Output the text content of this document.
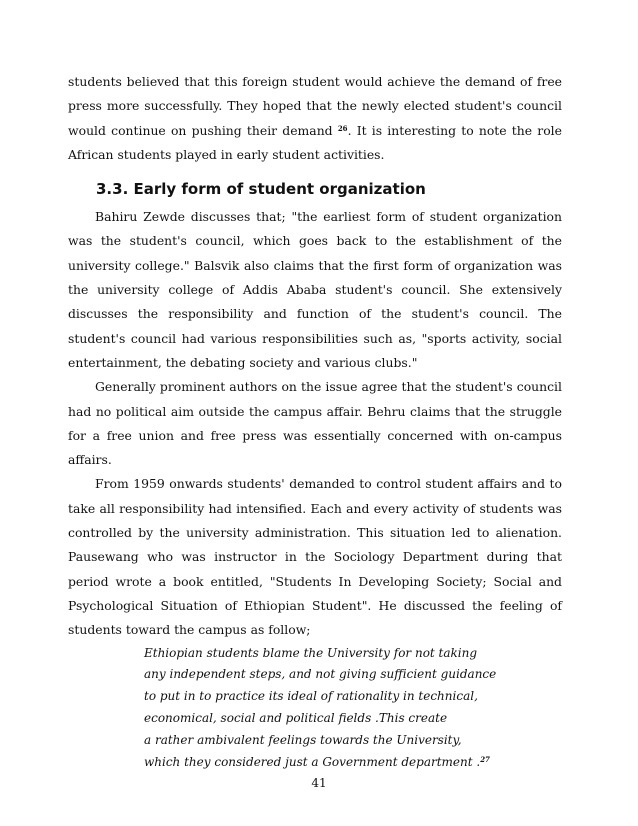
students believed that this foreign student would achieve the demand of free press more successfully. They hoped that the newly elected student's council would continue on pushing their demand $^{26}$. It is interesting to note the role African students played in early student activities.

3.3. Early form of student organization

Bahiru Zewde discusses that; "the earliest form of student organization was the student's council, which goes back to the establishment of the university college." Balsvik also claims that the first form of organization was the university college of Addis Ababa student's council. She extensively discusses the responsibility and function of the student's council. The student's council had various responsibilities such as, "sports activity, social entertainment, the debating society and various clubs."

Generally prominent authors on the issue agree that the student's council had no political aim outside the campus affair. Behru claims that the struggle for a free union and free press was essentially concerned with on-campus affairs.

From 1959 onwards students' demanded to control student affairs and to take all responsibility had intensified. Each and every activity of students was controlled by the university administration. This situation led to alienation. Pausewang who was instructor in the Sociology Department during that period wrote a book entitled, "Students In Developing Society; Social and Psychological Situation of Ethiopian Student". He discussed the feeling of students toward the campus as follow;

Ethiopian students blame the University for not taking
any independent steps, and not giving sufficient guidance
to put in to practice its ideal of rationality in technical,
economical, social and political fields .This create
a rather ambivalent feelings towards the University,
which they considered just a Government department .$^{27}$
41
